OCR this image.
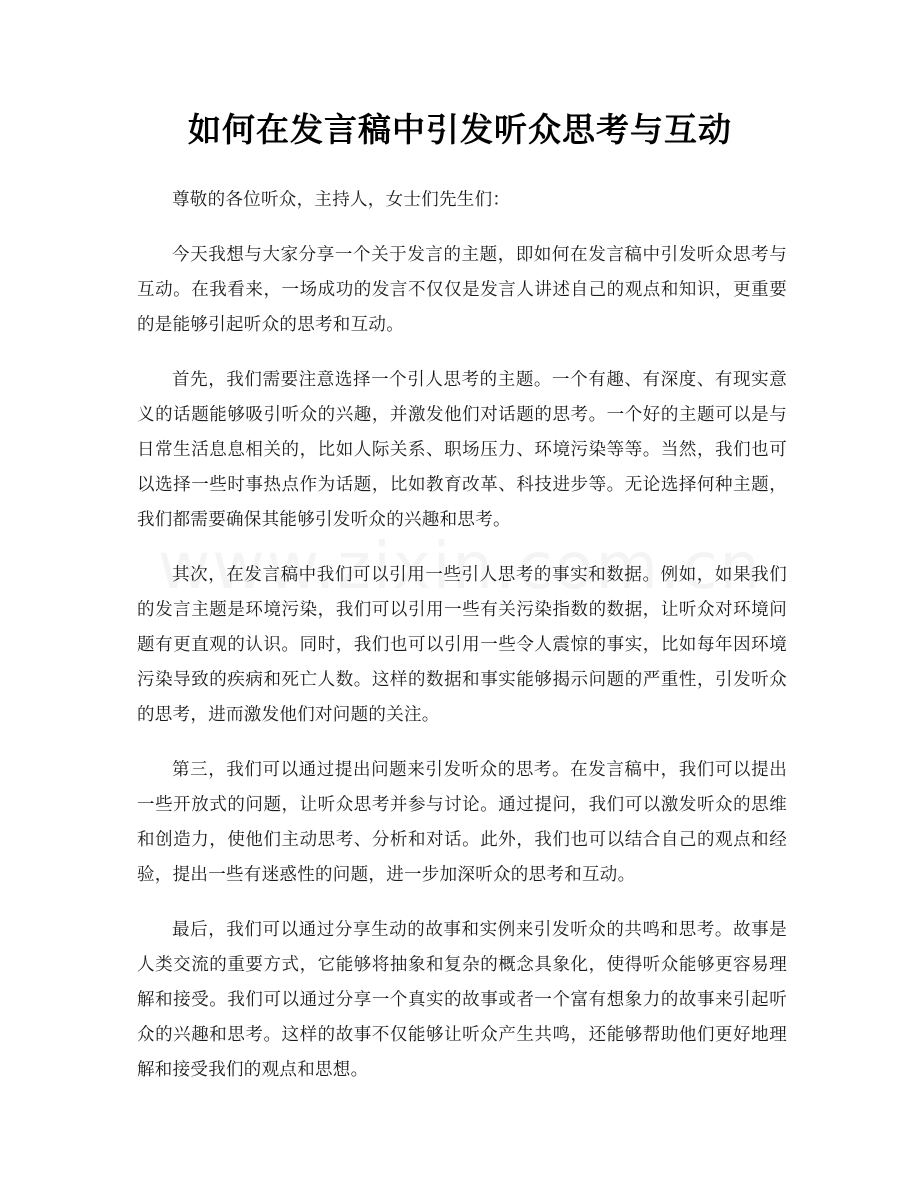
如何在发言稿中引发听众思考与互动

尊敬的各位听众，主持人，女士们先生们：

今天我想与大家分享一个关于发言的主题，即如何在发言稿中引发听众思考与互动。在我看来，一场成功的发言不仅仅是发言人讲述自己的观点和知识，更重要的是能够引起听众的思考和互动。

首先，我们需要注意选择一个引人思考的主题。一个有趣、有深度、有现实意义的话题能够吸引听众的兴趣，并激发他们对话题的思考。一个好的主题可以是与日常生活息息相关的，比如人际关系、职场压力、环境污染等等。当然，我们也可以选择一些时事热点作为话题，比如教育改革、科技进步等。无论选择何种主题，我们都需要确保其能够引发听众的兴趣和思考。

其次，在发言稿中我们可以引用一些引人思考的事实和数据。例如，如果我们的发言主题是环境污染，我们可以引用一些有关污染指数的数据，让听众对环境问题有更直观的认识。同时，我们也可以引用一些令人震惊的事实，比如每年因环境污染导致的疾病和死亡人数。这样的数据和事实能够揭示问题的严重性，引发听众的思考，进而激发他们对问题的关注。

第三，我们可以通过提出问题来引发听众的思考。在发言稿中，我们可以提出一些开放式的问题，让听众思考并参与讨论。通过提问，我们可以激发听众的思维和创造力，使他们主动思考、分析和对话。此外，我们也可以结合自己的观点和经验，提出一些有迷惑性的问题，进一步加深听众的思考和互动。

最后，我们可以通过分享生动的故事和实例来引发听众的共鸣和思考。故事是人类交流的重要方式，它能够将抽象和复杂的概念具象化，使得听众能够更容易理解和接受。我们可以通过分享一个真实的故事或者一个富有想象力的故事来引起听众的兴趣和思考。这样的故事不仅能够让听众产生共鸣，还能够帮助他们更好地理解和接受我们的观点和思想。
